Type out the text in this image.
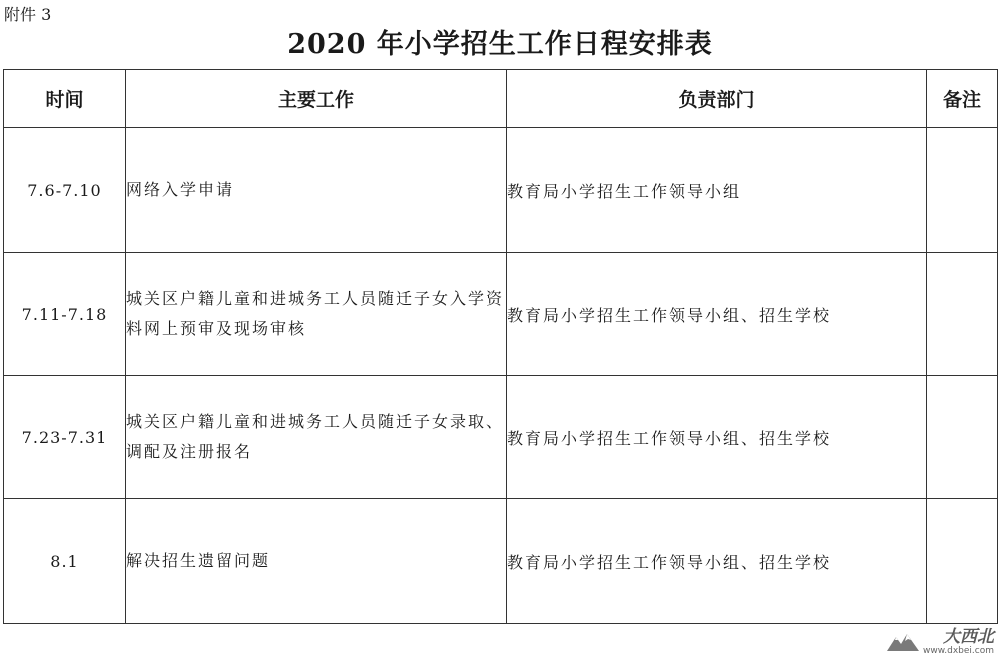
附件 3
2020 年小学招生工作日程安排表
时间	主要工作	负责部门	备注
7.6-7.10	网络入学申请	教育局小学招生工作领导小组	
7.11-7.18	城关区户籍儿童和进城务工人员随迁子女入学资料网上预审及现场审核	教育局小学招生工作领导小组、招生学校	
7.23-7.31	城关区户籍儿童和进城务工人员随迁子女录取、调配及注册报名	教育局小学招生工作领导小组、招生学校	
8.1	解决招生遗留问题	教育局小学招生工作领导小组、招生学校	
大西北
www.dxbei.com
